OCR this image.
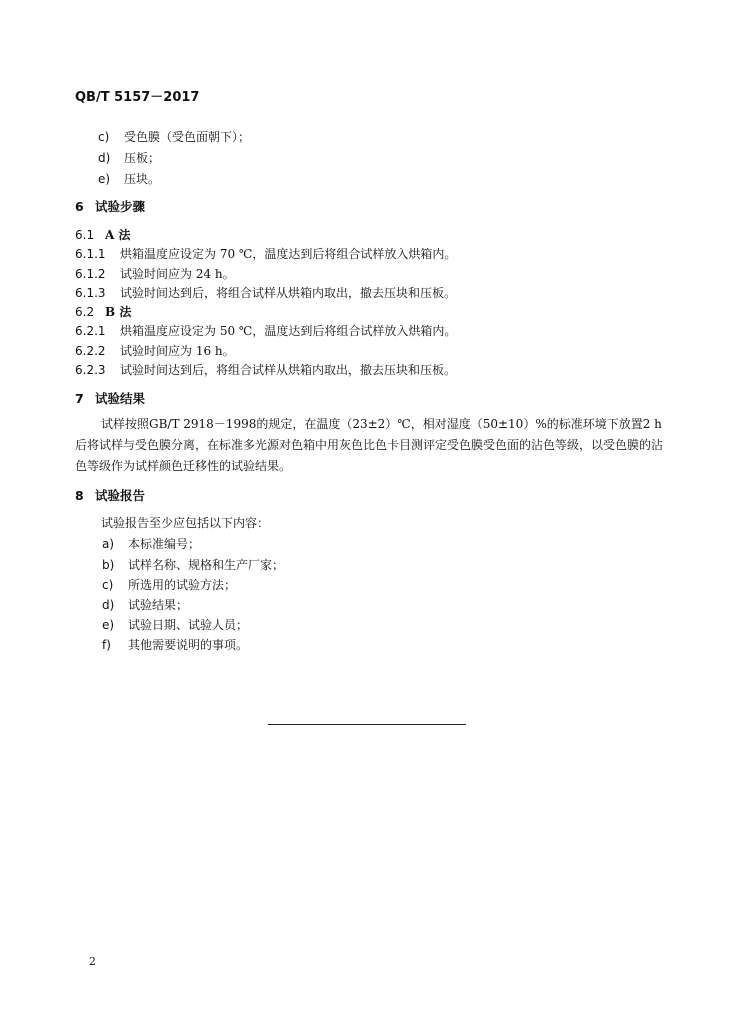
QB/T 5157－2017
c) 受色膜（受色面朝下）；
d) 压板；
e) 压块。
6 试验步骤
6.1 A 法
6.1.1 烘箱温度应设定为 70 ℃，温度达到后将组合试样放入烘箱内。
6.1.2 试验时间应为 24 h。
6.1.3 试验时间达到后，将组合试样从烘箱内取出，撤去压块和压板。
6.2 B 法
6.2.1 烘箱温度应设定为 50 ℃，温度达到后将组合试样放入烘箱内。
6.2.2 试验时间应为 16 h。
6.2.3 试验时间达到后，将组合试样从烘箱内取出，撤去压块和压板。
7 试验结果
试样按照GB/T 2918－1998的规定，在温度（23±2）℃，相对湿度（50±10）%的标准环境下放置2 h后将试样与受色膜分离，在标准多光源对色箱中用灰色比色卡目测评定受色膜受色面的沾色等级，以受色膜的沾色等级作为试样颜色迁移性的试验结果。
8 试验报告
试验报告至少应包括以下内容：
a) 本标准编号；
b) 试样名称、规格和生产厂家；
c) 所选用的试验方法；
d) 试验结果；
e) 试验日期、试验人员；
f) 其他需要说明的事项。
2
